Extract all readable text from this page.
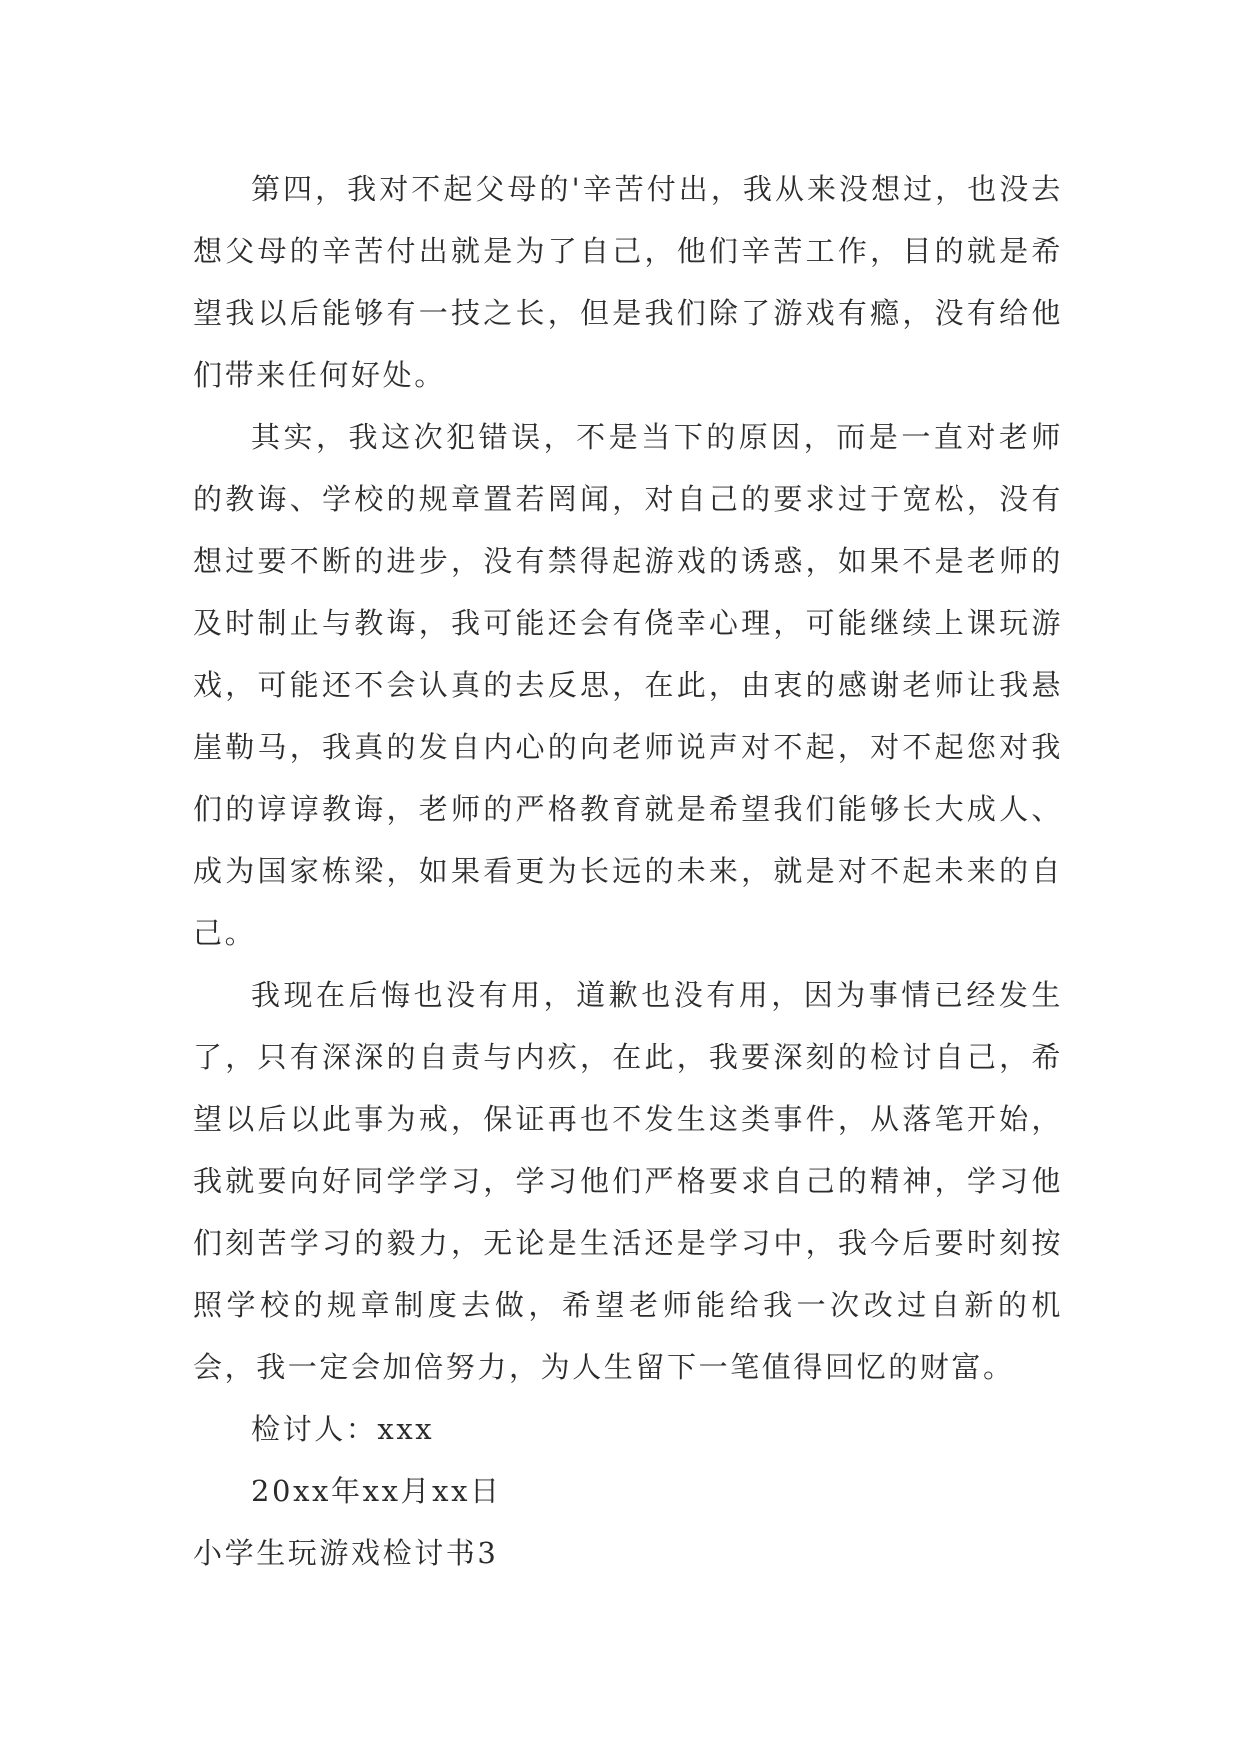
第四，我对不起父母的'辛苦付出，我从来没想过，也没去想父母的辛苦付出就是为了自己，他们辛苦工作，目的就是希望我以后能够有一技之长，但是我们除了游戏有瘾，没有给他们带来任何好处。

其实，我这次犯错误，不是当下的原因，而是一直对老师的教诲、学校的规章置若罔闻，对自己的要求过于宽松，没有想过要不断的进步，没有禁得起游戏的诱惑，如果不是老师的及时制止与教诲，我可能还会有侥幸心理，可能继续上课玩游戏，可能还不会认真的去反思，在此，由衷的感谢老师让我悬崖勒马，我真的发自内心的向老师说声对不起，对不起您对我们的谆谆教诲，老师的严格教育就是希望我们能够长大成人、成为国家栋梁，如果看更为长远的未来，就是对不起未来的自己。

我现在后悔也没有用，道歉也没有用，因为事情已经发生了，只有深深的自责与内疚，在此，我要深刻的检讨自己，希望以后以此事为戒，保证再也不发生这类事件，从落笔开始，我就要向好同学学习，学习他们严格要求自己的精神，学习他们刻苦学习的毅力，无论是生活还是学习中，我今后要时刻按照学校的规章制度去做，希望老师能给我一次改过自新的机会，我一定会加倍努力，为人生留下一笔值得回忆的财富。

检讨人：xxx

20xx年xx月xx日

小学生玩游戏检讨书3
